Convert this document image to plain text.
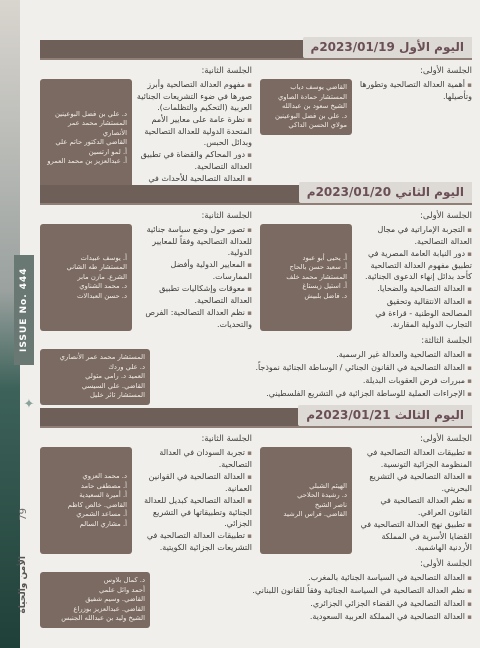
ISSUE No. 444
✦
79
الأمن والحياة
اليوم الأول 2023/01/19م
الجلسة الأولى:
▪ أهمية العدالة التصالحية وتطورها وتأصيلها.
القاضي يوسف دياب
المستشار حمادة الصاوي
الشيخ سعود بن عبدالله
د. علي بن فضل البوعينين
مولاي الحسن الداكي
الجلسة الثانية:
▪ مفهوم العدالة التصالحية وأبرز صورها في ضوء التشريعات الجنائية العربية (التحكيم والتظلمات).
▪ نظرة عامة على معايير الأمم المتحدة الدولية للعدالة التصالحية وبدائل الحبس.
▪ دور المحاكم والقضاة في تطبيق العدالة التصالحية.
▪ العدالة التصالحية للأحداث في
د. علي بن فضل البوعينين
المستشار محمد عمر الأنصاري
القاضي الدكتور حاتم علي
أ. لمو ارتسين
أ. عبدالعزيز بن محمد العمرو
اليوم الثاني 2023/01/20م
الجلسة الأولى:
▪ التجربة الإماراتية في مجال العدالة التصالحية.
▪ دور النيابة العامة المصرية في تطبيق مفهوم العدالة التصالحية كأحد بدائل إنهاء الدعوى الجنائية.
▪ العدالة التصالحية والضحايا.
▪ العدالة الانتقالية وتحقيق المصالحة الوطنية - قراءة في التجارب الدولية المقارنة.
أ. يحيى أبو عبود
أ. سعيد حسن بالحاج
المستشار محمد خلف
أ. استيل زيستاغ
د. فاضل بلبيش
الجلسة الثانية:
▪ تصور حول وضع سياسة جنائية للعدالة التصالحية وفقاً للمعايير الدولية.
▪ المعايير الدولية وأفضل الممارسات.
▪ معوقات وإشكاليات تطبيق العدالة التصالحية.
▪ نظم العدالة التصالحية: الفرص والتحديات.
أ. يوسف عبيدات
المستشار طه الشاني
الشرع. مازن مابر
د. محمد الشناوي
د. حسن العبدالات
الجلسة الثالثة:
▪ العدالة التصالحية والعدالة غير الرسمية.
▪ العدالة التصالحية في القانون الجنائي / الوساطة الجنائية نموذجاً.
▪ مبررات فرض العقوبات البديلة.
▪ الإجراءات العملية للوساطة الجزائية في التشريع الفلسطيني.
المستشار محمد عمر الأنصاري
د. علي وردك
العميد د. رامي متولي
القاضي. علي السيسي
المستشار ثائر خليل
اليوم الثالث 2023/01/21م
الجلسة الأولى:
▪ تطبيقات العدالة التصالحية في المنظومة الجزائية التونسية.
▪ العدالة التصالحية في التشريع البحريني.
▪ نظم العدالة التصالحية في القانون العراقي.
▪ تطبيق نهج العدالة التصالحية في القضايا الأسرية في المملكة الأردنية الهاشمية.
الهيثم الشبلي
د. رشيدة الحلاحي
ناصر الشيخ
القاضي. فراس الرشيد
الجلسة الثانية:
▪ تجربة السودان في العدالة التصالحية.
▪ العدالة التصالحية في القوانين العمانية.
▪ العدالة التصالحية كبديل للعدالة الجنائية وتطبيقاتها في التشريع الجزائي.
▪ تطبيقات العدالة التصالحية في التشريعات الجزائية الكويتية.
د. محمد العزوي
أ. مصطفى حامد
أ. أميرة السعيدية
القاضي. خالص كاظم
أ. مساعد الشمري
أ. مشاري السالم
الجلسة الأولى:
▪ العدالة التصالحية في السياسة الجنائية بالمغرب.
▪ نظم العدالة التصالحية في السياسة الجنائية وفقاً للقانون اللبناني.
▪ العدالة التصالحية في القضاء الجزائي الجزائري.
▪ العدالة التصالحية في المملكة العربية السعودية.
د. كمال بلاوس
أحمد وائل علمي
القاضي. وسيم شفيق
القاضي. عبدالعزيز بوزراع
الشيخ وليد بن عبدالله الجنبس
